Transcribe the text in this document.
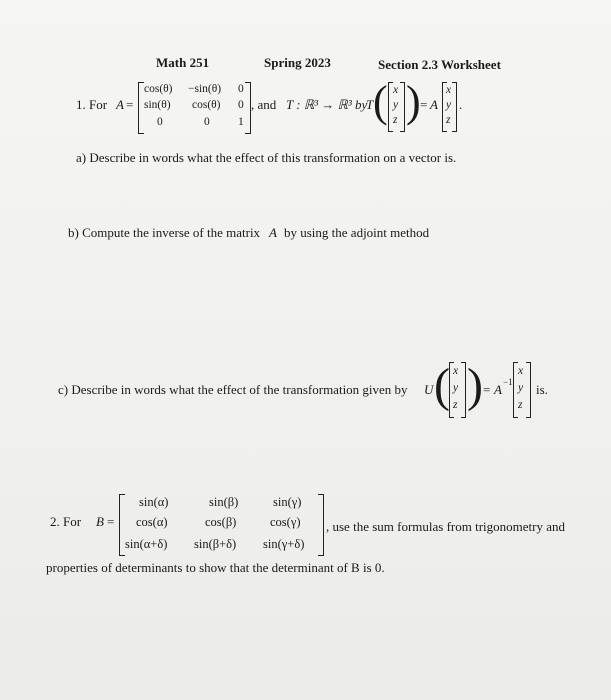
Math 251	Spring 2023	Section 2.3 Worksheet
1. For A =
cos(θ) −sin(θ) 0
sin(θ) cos(θ) 0
0	0 1
, and T : ℝ³ → ℝ³ by
T ( x
y
z ) = A
x
y
z
.
a) Describe in words what the effect of this transformation on a vector is.
b) Compute the inverse of the matrix A by using the adjoint method
c) Describe in words what the effect of the transformation given by U ( x
y
z ) = A −1
x
y
z
is.
2. For B =
sin(α)	sin(β)	sin(γ)
cos(α)	cos(β)	cos(γ)
sin(α+δ) sin(β+δ) sin(γ+δ)
, use the sum formulas from trigonometry and
properties of determinants to show that the determinant of B is 0.
